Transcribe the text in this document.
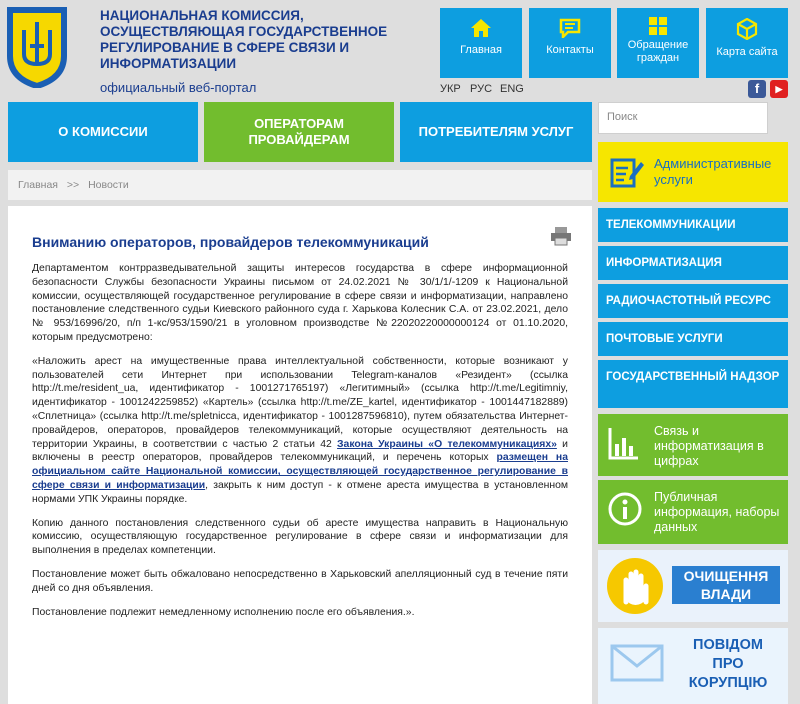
НАЦИОНАЛЬНАЯ КОМИССИЯ, ОСУЩЕСТВЛЯЮЩАЯ ГОСУДАРСТВЕННОЕ РЕГУЛИРОВАНИЕ В СФЕРЕ СВЯЗИ И ИНФОРМАТИЗАЦИИ
официальный веб-портал
Главная	Контакты	Обращение граждан	Карта сайта
УКР РУС ENG	f	▶
О КОМИССИИ
ОПЕРАТОРАМ ПРОВАЙДЕРАМ
ПОТРЕБИТЕЛЯМ УСЛУГ
Поиск
Главная >> Новости
Вниманию операторов, провайдеров телекоммуникаций

Департаментом контрразведывательной защиты интересов государства в сфере информационной безопасности Службы безопасности Украины письмом от 24.02.2021 № 30/1/1/-1209 к Национальной комиссии, осуществляющей государственное регулирование в сфере связи и информатизации, направлено постановление следственного судьи Киевского районного суда г. Харькова Колесник С.А. от 23.02.2021, дело № 953/16996/20, п/п 1-кс/953/1590/21 в уголовном производстве №22020220000000124 от 01.10.2020, которым предусмотрено:

«Наложить арест на имущественные права интеллектуальной собственности, которые возникают у пользователей сети Интернет при использовании Telegram-каналов «Резидент» (ссылка http://t.me/resident_ua, идентификатор - 1001271765197) «Легитимный» (ссылка http://t.me/Legitimniy, идентификатор - 1001242259852) «Картель» (ссылка http://t.me/ZE_kartel, идентификатор - 1001447182889) «Сплетница» (ссылка http://t.me/spletnicca, идентификатор - 1001287596810), путем обязательства Интернет-провайдеров, операторов, провайдеров телекоммуникаций, которые осуществляют деятельность на территории Украины, в соответствии с частью 2 статьи 42 Закона Украины «О телекоммуникациях» и включены в реестр операторов, провайдеров телекоммуникаций, и перечень которых размещен на официальном сайте Национальной комиссии, осуществляющей государственное регулирование в сфере связи и информатизации, закрыть к ним доступ - к отмене ареста имущества в установленном нормами УПК Украины порядке.

Копию данного постановления следственного судьи об аресте имущества направить в Национальную комиссию, осуществляющую государственное регулирование в сфере связи и информатизации для выполнения в пределах компетенции.

Постановление может быть обжаловано непосредственно в Харьковский апелляционный суд в течение пяти дней со дня объявления.

Постановление подлежит немедленному исполнению после его объявления.».

Административные услуги
ТЕЛЕКОММУНИКАЦИИ
ИНФОРМАТИЗАЦИЯ
РАДИОЧАСТОТНЫЙ РЕСУРС
ПОЧТОВЫЕ УСЛУГИ
ГОСУДАРСТВЕННЫЙ НАДЗОР
Связь и информатизация в цифрах
Публичная информация, наборы данных
ОЧИЩЕННЯ
ВЛАДИ
ПОВІДОМ
ПРО
КОРУПЦІЮ
